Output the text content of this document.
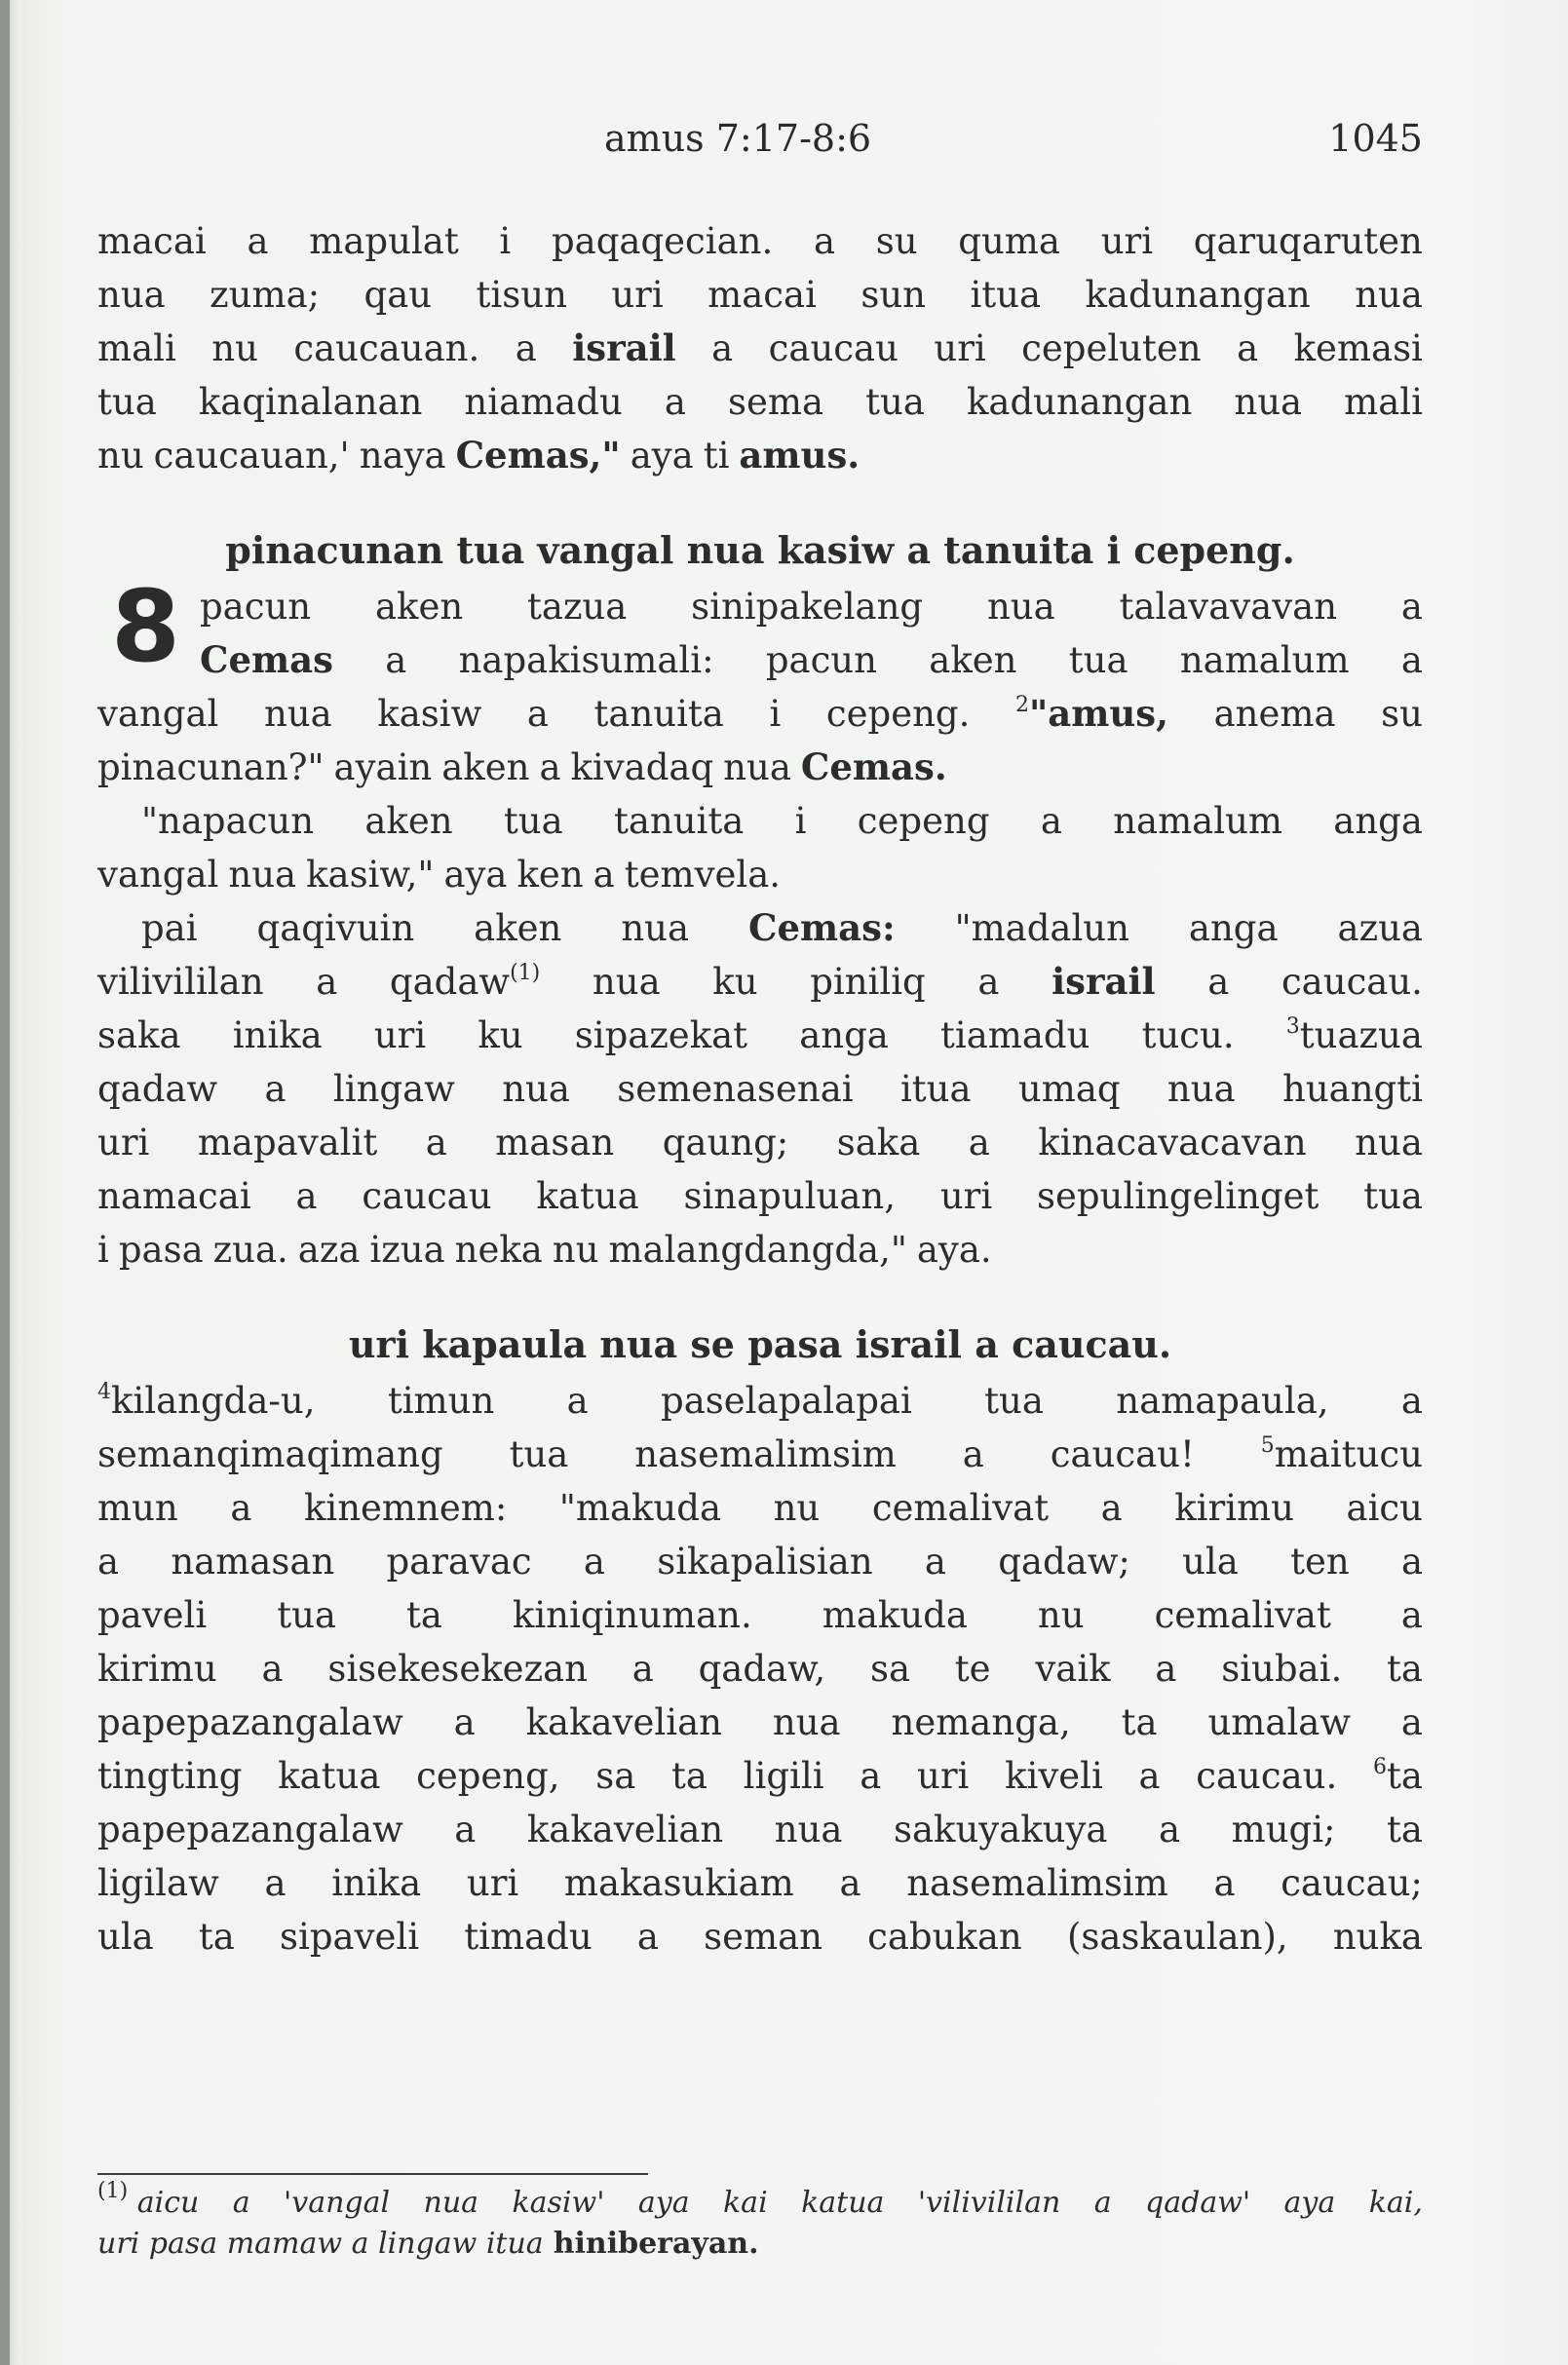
amus 7:17-8:6	1045
macai a mapulat i paqaqecian. a su quma uri qaruqaruten
nua zuma; qau tisun uri macai sun itua kadunangan nua
mali nu caucauan. a israil a caucau uri cepeluten a kemasi
tua kaqinalanan niamadu a sema tua kadunangan nua mali
nu caucauan,' naya Cemas," aya ti amus.
pinacunan tua vangal nua kasiw a tanuita i cepeng.
8 pacun aken tazua sinipakelang nua talavavavan a
Cemas a napakisumali: pacun aken tua namalum a
vangal nua kasiw a tanuita i cepeng. $^2$"amus, anema su
pinacunan?" ayain aken a kivadaq nua Cemas.
"napacun aken tua tanuita i cepeng a namalum anga
vangal nua kasiw," aya ken a temvela.
pai qaqivuin aken nua Cemas: "madalun anga azua
vilivililan a qadaw$^{(1)}$ nua ku piniliq a israil a caucau.
saka inika uri ku sipazekat anga tiamadu tucu. $^3$tuazua
qadaw a lingaw nua semenasenai itua umaq nua huangti
uri mapavalit a masan qaung; saka a kinacavacavan nua
namacai a caucau katua sinapuluan, uri sepulingelinget tua
i pasa zua. aza izua neka nu malangdangda," aya.
uri kapaula nua se pasa israil a caucau.
$^4$kilangda-u, timun a paselapalapai tua namapaula, a
semanqimaqimang tua nasemalimsim a caucau!	$^5$maitucu
mun a kinemnem: "makuda nu cemalivat a kirimu aicu
a namasan paravac a sikapalisian a qadaw; ula ten a
paveli tua ta kiniqinuman. makuda nu cemalivat a
kirimu a sisekesekezan a qadaw, sa te vaik a siubai. ta
papepazangalaw a kakavelian nua nemanga, ta umalaw a
tingting katua cepeng, sa ta ligili a uri kiveli a caucau. $^6$ta
papepazangalaw a kakavelian nua sakuyakuya a mugi; ta
ligilaw a inika uri makasukiam a nasemalimsim a caucau;
ula ta sipaveli timadu a seman cabukan (saskaulan), nuka
$^{(1)}$ aicu a 'vangal nua kasiw' aya kai katua 'vilivililan a qadaw' aya kai,
uri pasa mamaw a lingaw itua hiniberayan.
